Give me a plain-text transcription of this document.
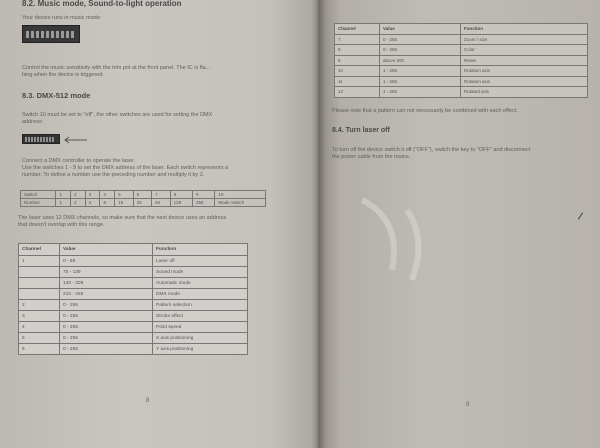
8.2. Music mode, Sound-to-light operation
Your device runs in music mode:
Control the music sensitivity with the trim pot at the front panel. The IC is fla...
hing when the device is triggered.
8.3. DMX-512 mode
Switch 10 must be set to "off", the other switches are used for setting the DMX
address:
Connect a DMX controller to operate the laser.
Use the switches 1 - 9 to set the DMX address of the laser. Each switch represents a
number. To define a number use the preceding number and multiply it by 2.
Switch	1	2	3	4	5	6	7	8	9	10
Number	1	2	4	8	16	32	64	128	256	Mode Switch
The laser uses 12 DMX channels, so make sure that the next device uses an address
that doesn't overlap with this range.
Channel	Value	Function
1	0 - 69	Laser off
	70 - 139	Sound mode
	140 - 209	Automatic mode
	210 - 255	DMX mode
2	0 - 255	Pattern selection
3	0 - 255	Strobe effect
4	0 - 255	Point speed
5	0 - 255	X axis positioning
6	0 - 255	Y axis positioning
8
Channel	Value	Function
7	0 - 255	Zoom / size
8	0 - 255	Color
9	above 200	Reset
10	1 - 255	Rotation axis
11	1 - 255	Rotation axis
12	1 - 255	Rotated axis
Please note that a pattern can not necessarily be combined with each effect.
8.4. Turn laser off
To turn off the device switch it off ("OFF"), switch the key to "OFF" and disconnect
the power cable from the mains.
9
